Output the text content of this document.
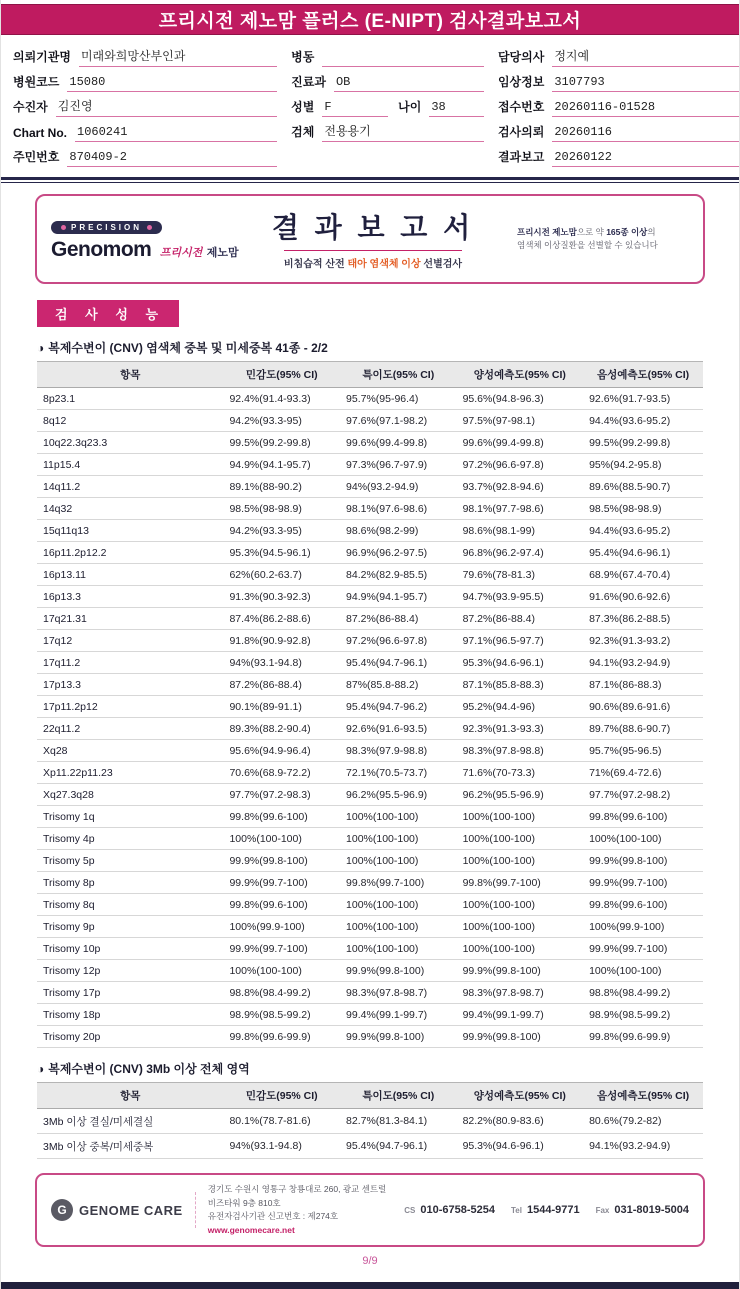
프리시전 제노맘 플러스 (E-NIPT) 검사결과보고서
의뢰기관명 미래와희망산부인과
병원코드 15080
수진자 김진영
Chart No. 1060241
주민번호 870409-2
병동
진료과 OB
성별 F	나이 38
검체 전용용기
담당의사 정지예
임상정보 3107793
접수번호 20260116-01528
검사의뢰 20260116
결과보고 20260122
PRECISION
Genomom 프리시전 제노맘
결 과 보 고 서
비침습적 산전 태아 염색체 이상 선별검사
프리시전 제노맘으로 약 165종 이상의
염색체 이상질환을 선별할 수 있습니다
검 사 성 능
◑ 복제수변이 (CNV) 염색체 중복 및 미세중복 41종 - 2/2
항목	민감도(95% CI)	특이도(95% CI)	양성예측도(95% CI)	음성예측도(95% CI)
8p23.1	92.4%(91.4-93.3)	95.7%(95-96.4)	95.6%(94.8-96.3)	92.6%(91.7-93.5)
8q12	94.2%(93.3-95)	97.6%(97.1-98.2)	97.5%(97-98.1)	94.4%(93.6-95.2)
10q22.3q23.3	99.5%(99.2-99.8)	99.6%(99.4-99.8)	99.6%(99.4-99.8)	99.5%(99.2-99.8)
11p15.4	94.9%(94.1-95.7)	97.3%(96.7-97.9)	97.2%(96.6-97.8)	95%(94.2-95.8)
14q11.2	89.1%(88-90.2)	94%(93.2-94.9)	93.7%(92.8-94.6)	89.6%(88.5-90.7)
14q32	98.5%(98-98.9)	98.1%(97.6-98.6)	98.1%(97.7-98.6)	98.5%(98-98.9)
15q11q13	94.2%(93.3-95)	98.6%(98.2-99)	98.6%(98.1-99)	94.4%(93.6-95.2)
16p11.2p12.2	95.3%(94.5-96.1)	96.9%(96.2-97.5)	96.8%(96.2-97.4)	95.4%(94.6-96.1)
16p13.11	62%(60.2-63.7)	84.2%(82.9-85.5)	79.6%(78-81.3)	68.9%(67.4-70.4)
16p13.3	91.3%(90.3-92.3)	94.9%(94.1-95.7)	94.7%(93.9-95.5)	91.6%(90.6-92.6)
17q21.31	87.4%(86.2-88.6)	87.2%(86-88.4)	87.2%(86-88.4)	87.3%(86.2-88.5)
17q12	91.8%(90.9-92.8)	97.2%(96.6-97.8)	97.1%(96.5-97.7)	92.3%(91.3-93.2)
17q11.2	94%(93.1-94.8)	95.4%(94.7-96.1)	95.3%(94.6-96.1)	94.1%(93.2-94.9)
17p13.3	87.2%(86-88.4)	87%(85.8-88.2)	87.1%(85.8-88.3)	87.1%(86-88.3)
17p11.2p12	90.1%(89-91.1)	95.4%(94.7-96.2)	95.2%(94.4-96)	90.6%(89.6-91.6)
22q11.2	89.3%(88.2-90.4)	92.6%(91.6-93.5)	92.3%(91.3-93.3)	89.7%(88.6-90.7)
Xq28	95.6%(94.9-96.4)	98.3%(97.9-98.8)	98.3%(97.8-98.8)	95.7%(95-96.5)
Xp11.22p11.23	70.6%(68.9-72.2)	72.1%(70.5-73.7)	71.6%(70-73.3)	71%(69.4-72.6)
Xq27.3q28	97.7%(97.2-98.3)	96.2%(95.5-96.9)	96.2%(95.5-96.9)	97.7%(97.2-98.2)
Trisomy 1q	99.8%(99.6-100)	100%(100-100)	100%(100-100)	99.8%(99.6-100)
Trisomy 4p	100%(100-100)	100%(100-100)	100%(100-100)	100%(100-100)
Trisomy 5p	99.9%(99.8-100)	100%(100-100)	100%(100-100)	99.9%(99.8-100)
Trisomy 8p	99.9%(99.7-100)	99.8%(99.7-100)	99.8%(99.7-100)	99.9%(99.7-100)
Trisomy 8q	99.8%(99.6-100)	100%(100-100)	100%(100-100)	99.8%(99.6-100)
Trisomy 9p	100%(99.9-100)	100%(100-100)	100%(100-100)	100%(99.9-100)
Trisomy 10p	99.9%(99.7-100)	100%(100-100)	100%(100-100)	99.9%(99.7-100)
Trisomy 12p	100%(100-100)	99.9%(99.8-100)	99.9%(99.8-100)	100%(100-100)
Trisomy 17p	98.8%(98.4-99.2)	98.3%(97.8-98.7)	98.3%(97.8-98.7)	98.8%(98.4-99.2)
Trisomy 18p	98.9%(98.5-99.2)	99.4%(99.1-99.7)	99.4%(99.1-99.7)	98.9%(98.5-99.2)
Trisomy 20p	99.8%(99.6-99.9)	99.9%(99.8-100)	99.9%(99.8-100)	99.8%(99.6-99.9)
◑ 복제수변이 (CNV) 3Mb 이상 전체 영역
항목	민감도(95% CI)	특이도(95% CI)	양성예측도(95% CI)	음성예측도(95% CI)
3Mb 이상 결실/미세결실	80.1%(78.7-81.6)	82.7%(81.3-84.1)	82.2%(80.9-83.6)	80.6%(79.2-82)
3Mb 이상 중복/미세중복	94%(93.1-94.8)	95.4%(94.7-96.1)	95.3%(94.6-96.1)	94.1%(93.2-94.9)
G GENOME CARE
경기도 수원시 영통구 창룡대로 260, 광교 센트럴비즈타워 9층 810호
유전자검사기관 신고번호 : 제274호
www.genomecare.net
CS 010-6758-5254 Tel 1544-9771 Fax 031-8019-5004
9/9
